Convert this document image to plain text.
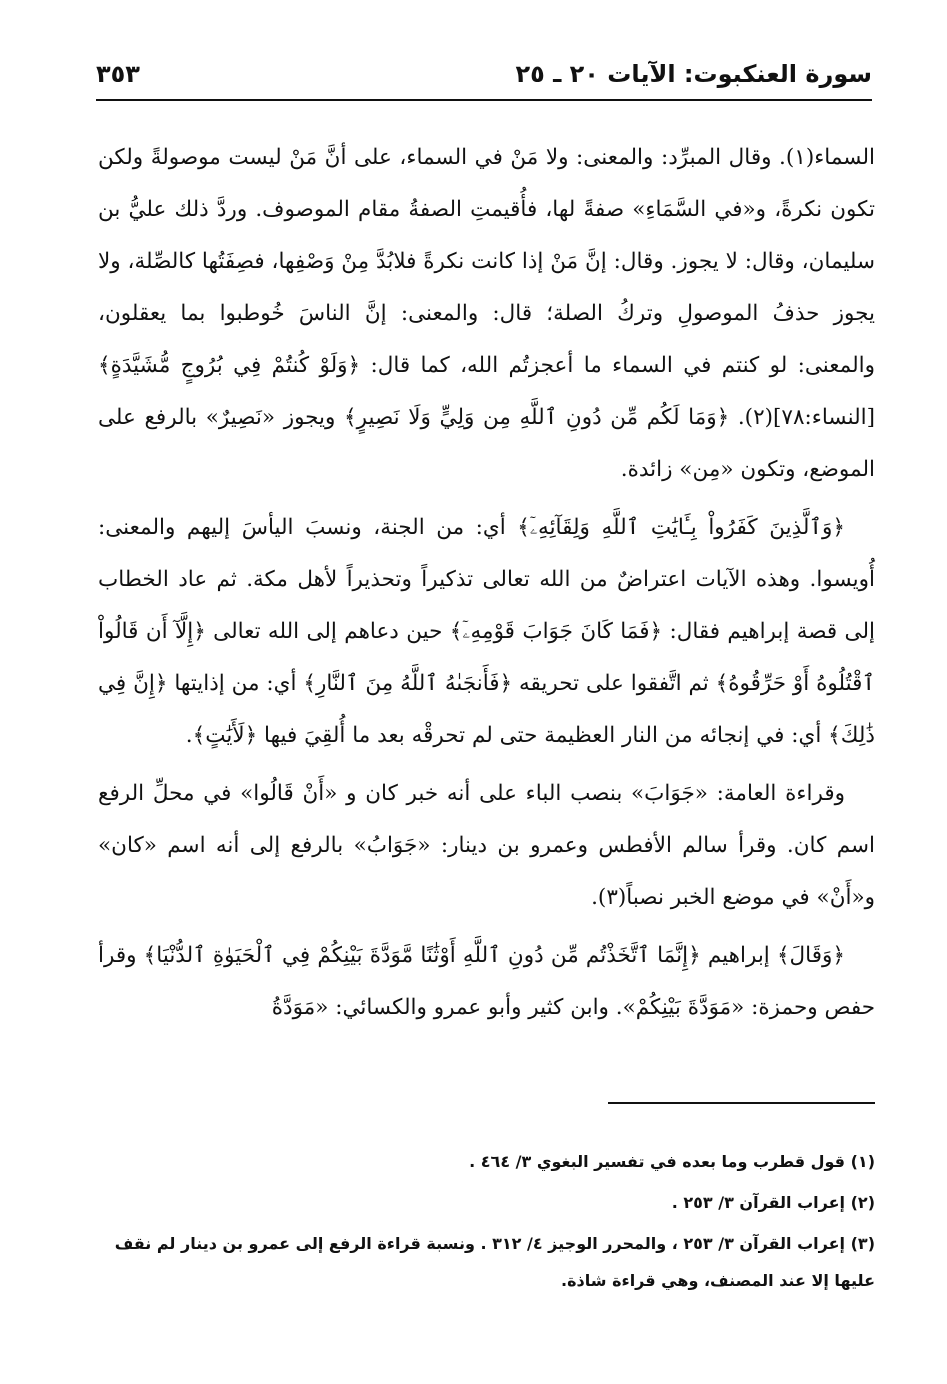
سورة العنكبوت: الآيات ٢٠ ـ ٢٥
٣٥٣

السماء(١). وقال المبرِّد: والمعنى: ولا مَنْ في السماء، على أنَّ مَنْ ليست موصولةً ولكن تكون نكرةً، و«في السَّمَاءِ» صفةً لها، فأُقيمتِ الصفةُ مقام الموصوف. وردَّ ذلك عليُّ بن سليمان، وقال: لا يجوز. وقال: إنَّ مَنْ إذا كانت نكرةً فلابُدَّ مِنْ وَصْفِها، فصِفَتُها كالصِّلة، ولا يجوز حذفُ الموصولِ وتركُ الصلة؛ قال: والمعنى: إنَّ الناسَ خُوطبوا بما يعقلون، والمعنى: لو كنتم في السماء ما أعجزتُم الله، كما قال: ﴿وَلَوْ كُنتُمْ فِي بُرُوجٍ مُّشَيَّدَةٍ﴾ [النساء:٧٨](٢). ﴿وَمَا لَكُم مِّن دُونِ ٱللَّهِ مِن وَلِيٍّ وَلَا نَصِيرٍ﴾ ويجوز «نَصِيرٌ» بالرفع على الموضع، وتكون «مِن» زائدة.

﴿وَٱلَّذِينَ كَفَرُواْ بِـَٔايَٰتِ ٱللَّهِ وَلِقَآئِهِۦٓ﴾ أي: من الجنة، ونسبَ اليأسَ إليهم والمعنى: أُويسوا. وهذه الآيات اعتراضٌ من الله تعالى تذكيراً وتحذيراً لأهل مكة. ثم عاد الخطاب إلى قصة إبراهيم فقال: ﴿فَمَا كَانَ جَوَابَ قَوْمِهِۦٓ﴾ حين دعاهم إلى الله تعالى ﴿إِلَّآ أَن قَالُواْ ٱقْتُلُوهُ أَوْ حَرِّقُوهُ﴾ ثم اتَّفقوا على تحريقه ﴿فَأَنجَىٰهُ ٱللَّهُ مِنَ ٱلنَّارِ﴾ أي: من إذايتها ﴿إِنَّ فِي ذَٰلِكَ﴾ أي: في إنجائه من النار العظيمة حتى لم تحرقْه بعد ما أُلقِيَ فيها ﴿لَأَيَٰتٍ﴾.

وقراءة العامة: «جَوَابَ» بنصب الباء على أنه خبر كان و «أَنْ قَالُوا» في محلِّ الرفع اسم كان. وقرأ سالم الأفطس وعمرو بن دينار: «جَوَابُ» بالرفع إلى أنه اسم «كان» و«أَنْ» في موضع الخبر نصباً(٣).

﴿وَقَالَ﴾ إبراهيم ﴿إِنَّمَا ٱتَّخَذْتُم مِّن دُونِ ٱللَّهِ أَوْثَٰنًا مَّوَدَّةَ بَيْنِكُمْ فِي ٱلْحَيَوٰةِ ٱلدُّنْيَا﴾ وقرأ حفص وحمزة: «مَوَدَّةَ بَيْنِكُمْ». وابن كثير وأبو عمرو والكسائي: «مَوَدَّةُ

(١) قول قطرب وما بعده في تفسير البغوي ٣/ ٤٦٤ .

(٢) إعراب القرآن ٣/ ٢٥٣ .

(٣) إعراب القرآن ٣/ ٢٥٣ ، والمحرر الوجيز ٤/ ٣١٢ . ونسبة قراءة الرفع إلى عمرو بن دينار لم نقف عليها إلا عند المصنف، وهي قراءة شاذة.
